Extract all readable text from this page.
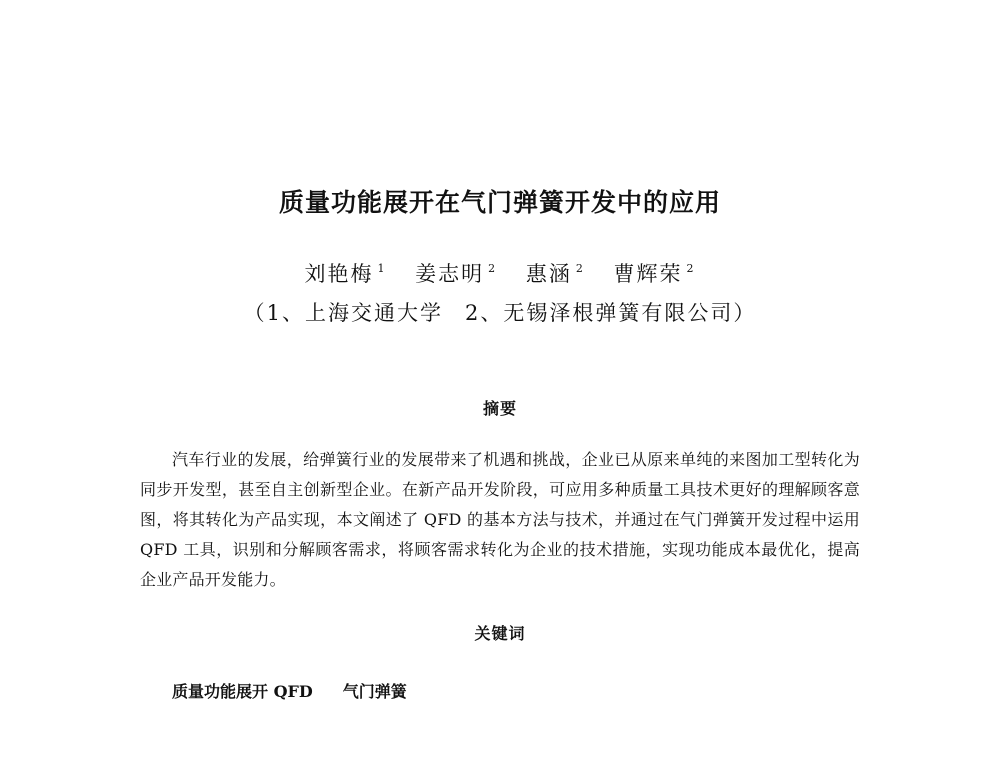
质量功能展开在气门弹簧开发中的应用
刘艳梅 $^1$ 姜志明 $^2$ 惠涵 $^2$ 曹辉荣 $^2$
（1、上海交通大学 2、无锡泽根弹簧有限公司）
摘要
汽车行业的发展，给弹簧行业的发展带来了机遇和挑战，企业已从原来单纯的来图加工型转化为同步开发型，甚至自主创新型企业。在新产品开发阶段，可应用多种质量工具技术更好的理解顾客意图，将其转化为产品实现，本文阐述了 QFD 的基本方法与技术，并通过在气门弹簧开发过程中运用 QFD 工具，识别和分解顾客需求，将顾客需求转化为企业的技术措施，实现功能成本最优化，提高企业产品开发能力。
关键词
质量功能展开 QFD 气门弹簧
